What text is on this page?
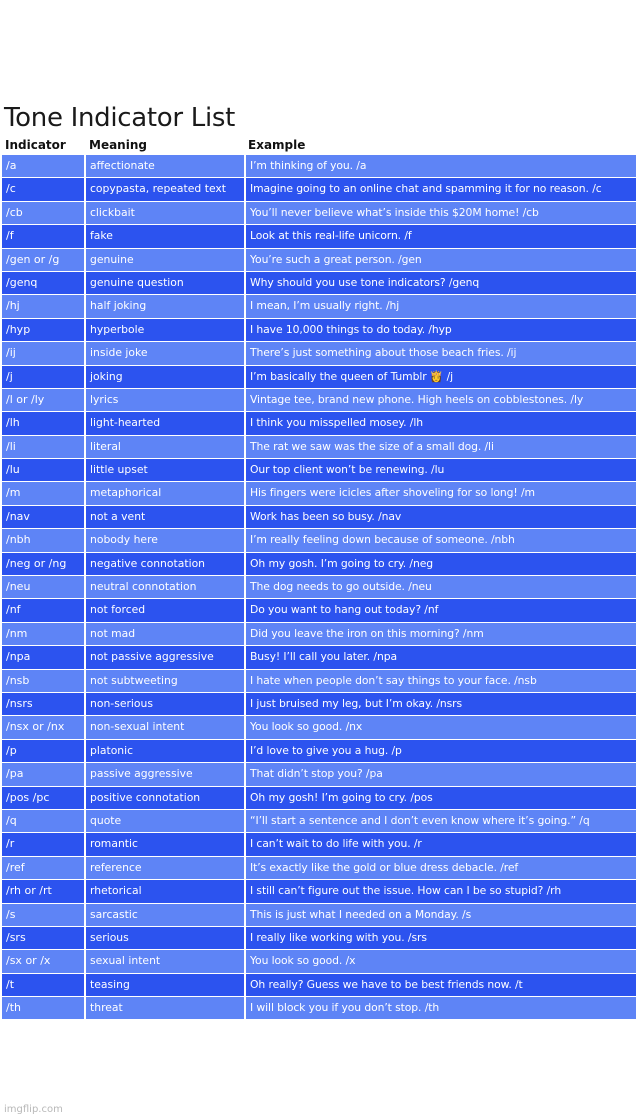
Tone Indicator List
Indicator Meaning	Example
/a	affectionate	I’m thinking of you. /a
/c	copypasta, repeated text	Imagine going to an online chat and spamming it for no reason. /c
/cb	clickbait	You’ll never believe what’s inside this $20M home! /cb
/f	fake	Look at this real-life unicorn. /f
/gen or /g	genuine	You’re such a great person. /gen
/genq	genuine question	Why should you use tone indicators? /genq
/hj	half joking	I mean, I’m usually right. /hj
/hyp	hyperbole	I have 10,000 things to do today. /hyp
/ij	inside joke	There’s just something about those beach fries. /ij
/j	joking	I’m basically the queen of Tumblr 👸 /j
/l or /ly	lyrics	Vintage tee, brand new phone. High heels on cobblestones. /ly
/lh	light-hearted	I think you misspelled mosey. /lh
/li	literal	The rat we saw was the size of a small dog. /li
/lu	little upset	Our top client won’t be renewing. /lu
/m	metaphorical	His fingers were icicles after shoveling for so long! /m
/nav	not a vent	Work has been so busy. /nav
/nbh	nobody here	I’m really feeling down because of someone. /nbh
/neg or /ng	negative connotation	Oh my gosh. I’m going to cry. /neg
/neu	neutral connotation	The dog needs to go outside. /neu
/nf	not forced	Do you want to hang out today? /nf
/nm	not mad	Did you leave the iron on this morning? /nm
/npa	not passive aggressive	Busy! I’ll call you later. /npa
/nsb	not subtweeting	I hate when people don’t say things to your face. /nsb
/nsrs	non-serious	I just bruised my leg, but I’m okay. /nsrs
/nsx or /nx	non-sexual intent	You look so good. /nx
/p	platonic	I’d love to give you a hug. /p
/pa	passive aggressive	That didn’t stop you? /pa
/pos /pc	positive connotation	Oh my gosh! I’m going to cry. /pos
/q	quote	“I’ll start a sentence and I don’t even know where it’s going.” /q
/r	romantic	I can’t wait to do life with you. /r
/ref	reference	It’s exactly like the gold or blue dress debacle. /ref
/rh or /rt	rhetorical	I still can’t figure out the issue. How can I be so stupid? /rh
/s	sarcastic	This is just what I needed on a Monday. /s
/srs	serious	I really like working with you. /srs
/sx or /x	sexual intent	You look so good. /x
/t	teasing	Oh really? Guess we have to be best friends now. /t
/th	threat	I will block you if you don’t stop. /th
imgflip.com
